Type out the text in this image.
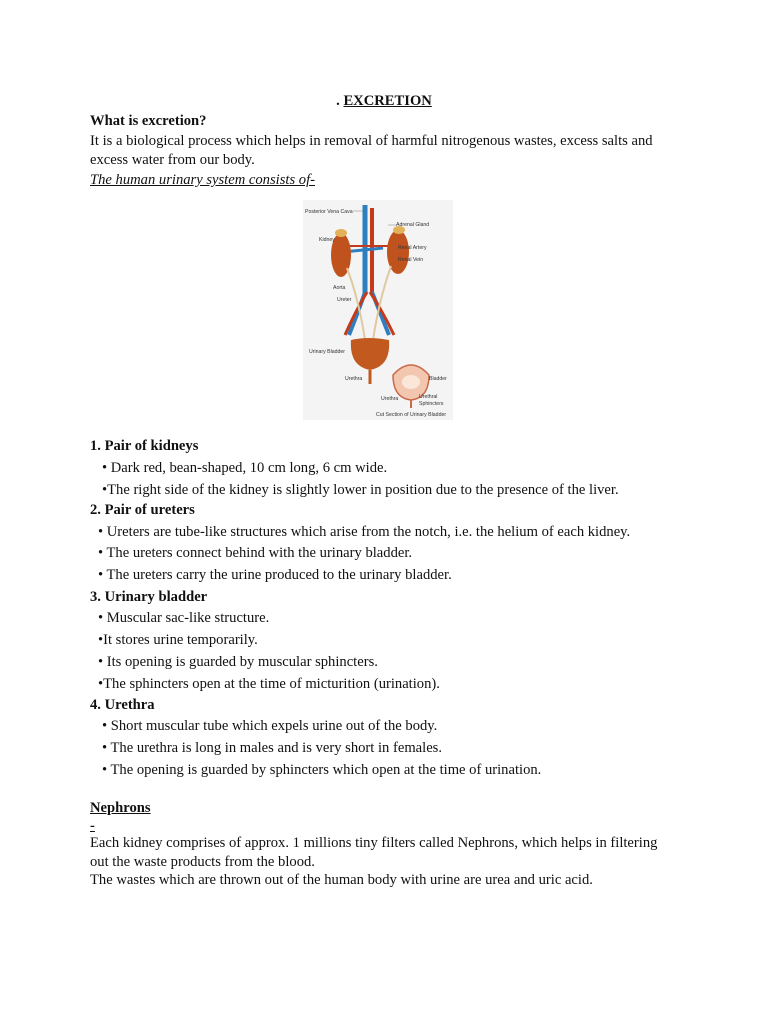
. EXCRETION
What is excretion?
It is a biological process which helps in removal of harmful nitrogenous wastes, excess salts and
excess water from our body.
The human urinary system consists of-
Posterior Vena Cava
Adrenal Gland
Kidney
Renal Artery
Renal Vein
Aorta
Ureter
Urinary Bladder
Urethra	Bladder
Urethra	Urethral
Sphincters
Cut Section of Urinary Bladder
1. Pair of kidneys
• Dark red, bean-shaped, 10 cm long, 6 cm wide.
•The right side of the kidney is slightly lower in position due to the presence of the liver.
2. Pair of ureters
• Ureters are tube-like structures which arise from the notch, i.e. the helium of each kidney.
• The ureters connect behind with the urinary bladder.
• The ureters carry the urine produced to the urinary bladder.
3. Urinary bladder
• Muscular sac-like structure.
•It stores urine temporarily.
• Its opening is guarded by muscular sphincters.
•The sphincters open at the time of micturition (urination).
4. Urethra
• Short muscular tube which expels urine out of the body.
• The urethra is long in males and is very short in females.
• The opening is guarded by sphincters which open at the time of urination.
Nephrons
-
Each kidney comprises of approx. 1 millions tiny filters called Nephrons, which helps in filtering
out the waste products from the blood.
The wastes which are thrown out of the human body with urine are urea and uric acid.
